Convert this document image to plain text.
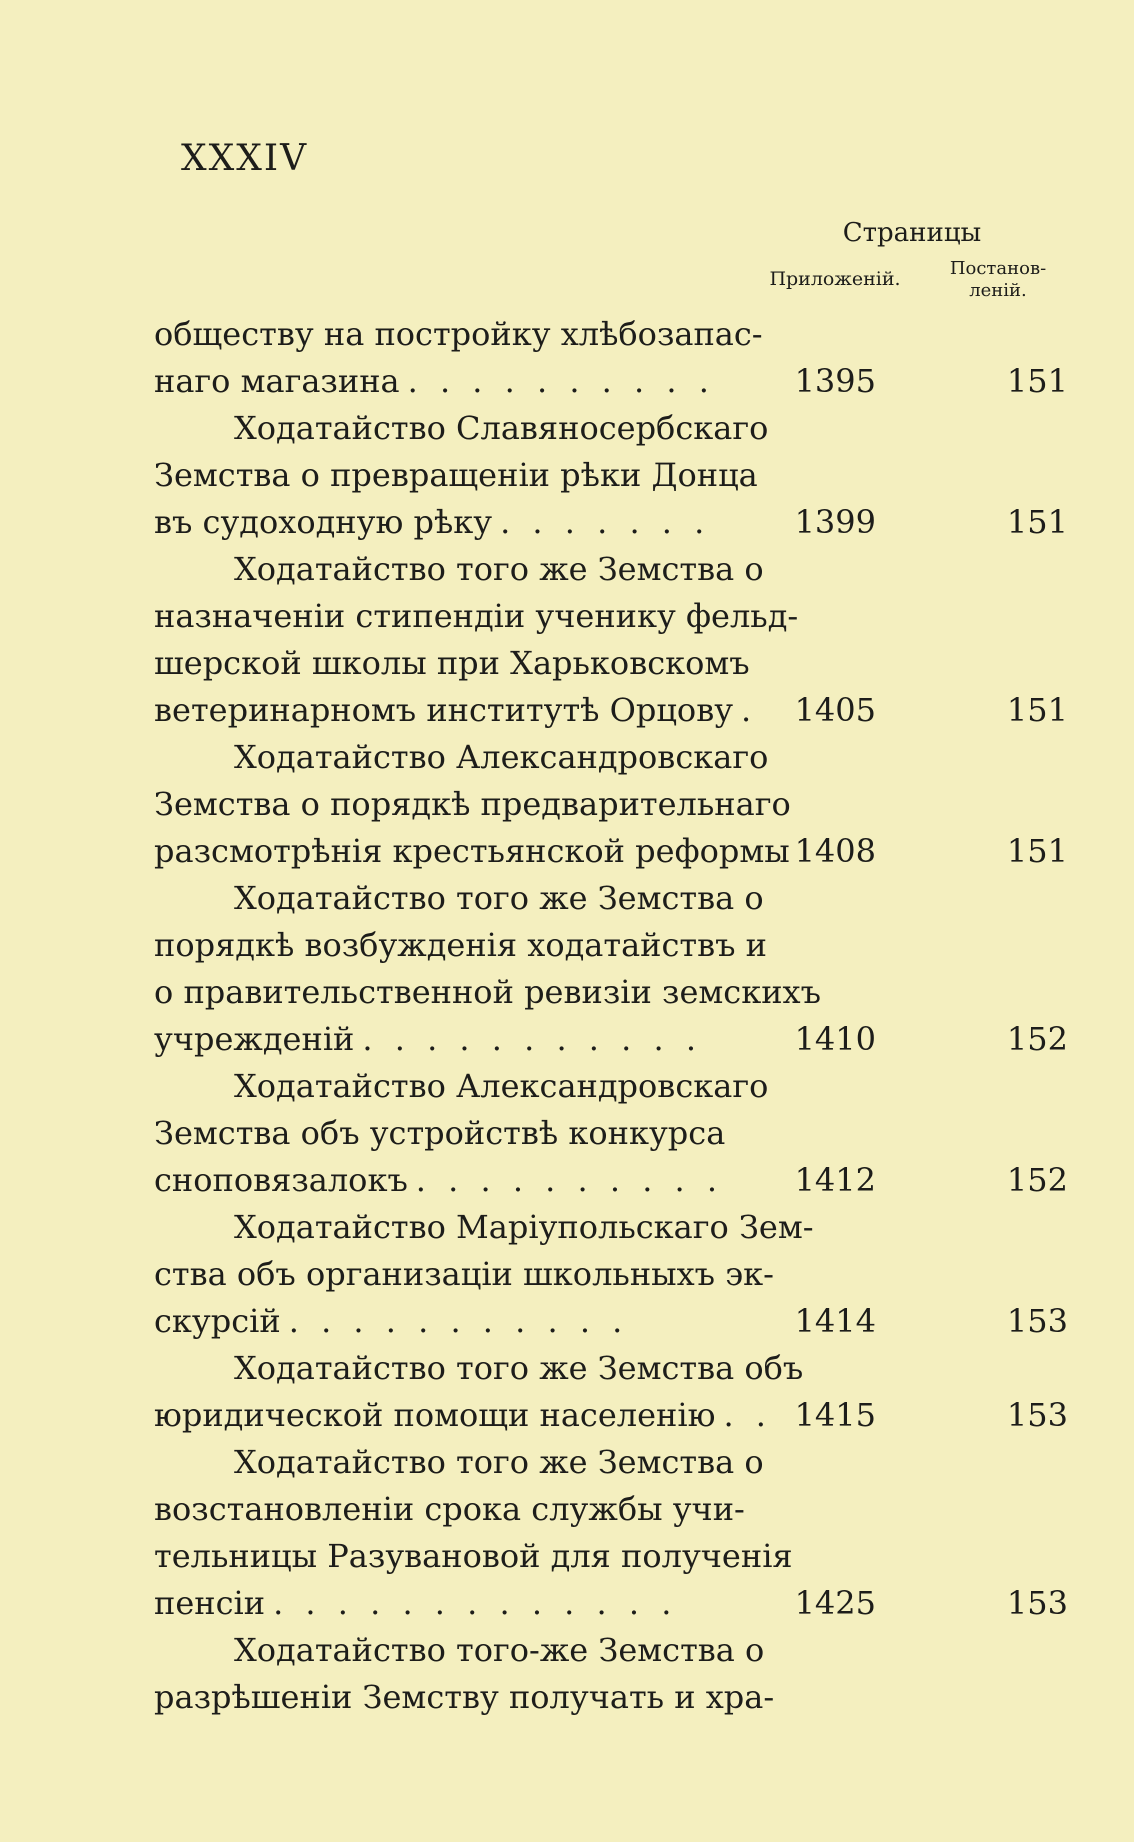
XXXIV
Страницы
Приложеній.	Постанов-
леній.
обществу на постройку хлѣбозапас-
наго магазина . . . . . . . . . .	1395	151
Ходатайство Славяносербскаго
Земства о превращеніи рѣки Донца
въ судоходную рѣку . . . . . . .	1399	151
Ходатайство того же Земства о
назначеніи стипендіи ученику фельд-
шерской школы при Харьковскомъ
ветеринарномъ институтѣ Орцову . 1405	151
Ходатайство Александровскаго
Земства о порядкѣ предварительнаго
разсмотрѣнія крестьянской реформы 1408	151
Ходатайство того же Земства о
порядкѣ возбужденія ходатайствъ и
о правительственной ревизіи земскихъ
учрежденій . . . . . . . . . . .	1410	152
Ходатайство Александровскаго
Земства объ устройствѣ конкурса
сноповязалокъ . . . . . . . . . .	1412	152
Ходатайство Маріупольскаго Зем-
ства объ организаціи школьныхъ эк-
скурсій . . . . . . . . . . .	1414	153
Ходатайство того же Земства объ
юридической помощи населенію . . 1415	153
Ходатайство того же Земства о
возстановленіи срока службы учи-
тельницы Разувановой для полученія
пенсіи . . . . . . . . . . . . .	1425	153
Ходатайство того-же Земства о
разрѣшеніи Земству получать и хра-
